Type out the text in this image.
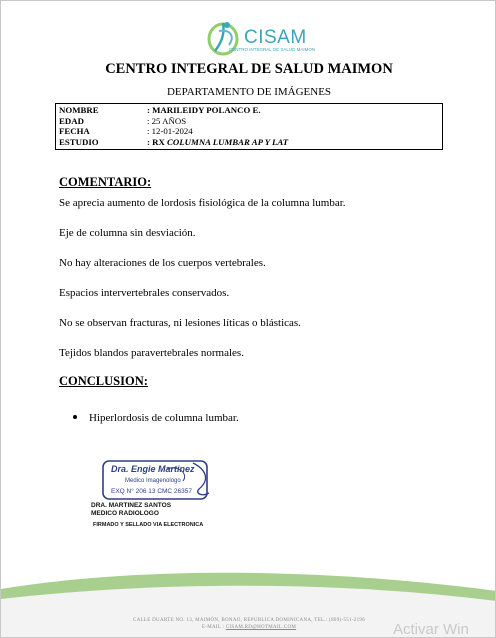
CISAM
CENTRO INTEGRAL DE SALUD MAIMON
CENTRO INTEGRAL DE SALUD MAIMON
DEPARTAMENTO DE IMÁGENES
NOMBRE	: MARILEIDY POLANCO E.
EDAD	: 25 AÑOS
FECHA	: 12-01-2024
ESTUDIO	: RX COLUMNA LUMBAR AP Y LAT
COMENTARIO:
Se aprecia aumento de lordosis fisiológica de la columna lumbar.
Eje de columna sin desviación.
No hay alteraciones de los cuerpos vertebrales.
Espacios intervertebrales conservados.
No se observan fracturas, ni lesiones líticas o blásticas.
Tejidos blandos paravertebrales normales.
CONCLUSION:
Hiperlordosis de columna lumbar.
Dra. Engie Martinez
Medico Imagenologo
EXQ N° 206 13 CMC 26357
DRA. MARTINEZ SANTOS
MEDICO RADIOLOGO
FIRMADO Y SELLADO VIA ELECTRONICA
CALLE DUARTE NO. 13, MAIMÓN, BONAO, REPUBLICA DOMINICANA, TEL.: (809)-551-2196
E-MAIL : CISAM.RD@HOTMAIL.COM	Activar Win
